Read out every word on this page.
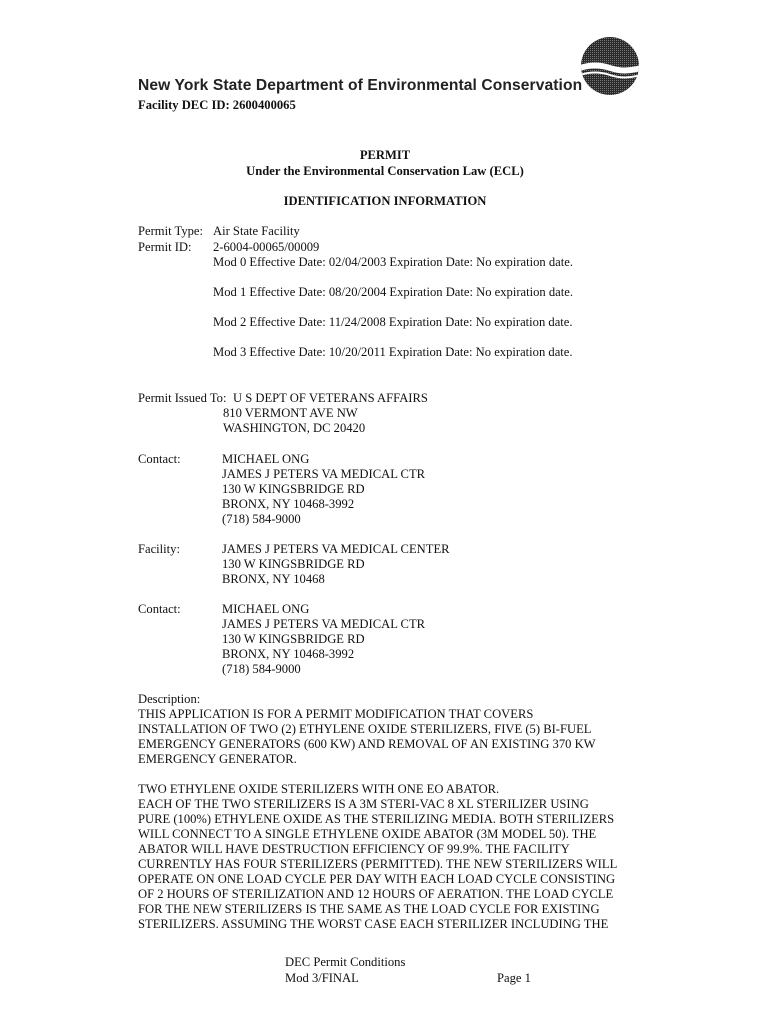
New York State Department of Environmental Conservation
Facility DEC ID: 2600400065
PERMIT
Under the Environmental Conservation Law (ECL)
IDENTIFICATION INFORMATION
Permit Type: Air State Facility
Permit ID: 2-6004-00065/00009
Mod 0 Effective Date: 02/04/2003 Expiration Date: No expiration date.
Mod 1 Effective Date: 08/20/2004 Expiration Date: No expiration date.
Mod 2 Effective Date: 11/24/2008 Expiration Date: No expiration date.
Mod 3 Effective Date: 10/20/2011 Expiration Date: No expiration date.
Permit Issued To: U S DEPT OF VETERANS AFFAIRS
810 VERMONT AVE NW
WASHINGTON, DC 20420
Contact:	MICHAEL ONG
JAMES J PETERS VA MEDICAL CTR
130 W KINGSBRIDGE RD
BRONX, NY 10468-3992
(718) 584-9000
Facility:	JAMES J PETERS VA MEDICAL CENTER
130 W KINGSBRIDGE RD
BRONX, NY 10468
Contact:	MICHAEL ONG
JAMES J PETERS VA MEDICAL CTR
130 W KINGSBRIDGE RD
BRONX, NY 10468-3992
(718) 584-9000
Description:

THIS APPLICATION IS FOR A PERMIT MODIFICATION THAT COVERS

INSTALLATION OF TWO (2) ETHYLENE OXIDE STERILIZERS, FIVE (5) BI-FUEL

EMERGENCY GENERATORS (600 KW) AND REMOVAL OF AN EXISTING 370 KW

EMERGENCY GENERATOR.

TWO ETHYLENE OXIDE STERILIZERS WITH ONE EO ABATOR.

EACH OF THE TWO STERILIZERS IS A 3M STERI-VAC 8 XL STERILIZER USING

PURE (100%) ETHYLENE OXIDE AS THE STERILIZING MEDIA. BOTH STERILIZERS

WILL CONNECT TO A SINGLE ETHYLENE OXIDE ABATOR (3M MODEL 50). THE

ABATOR WILL HAVE DESTRUCTION EFFICIENCY OF 99.9%. THE FACILITY

CURRENTLY HAS FOUR STERILIZERS (PERMITTED). THE NEW STERILIZERS WILL

OPERATE ON ONE LOAD CYCLE PER DAY WITH EACH LOAD CYCLE CONSISTING

OF 2 HOURS OF STERILIZATION AND 12 HOURS OF AERATION. THE LOAD CYCLE

FOR THE NEW STERILIZERS IS THE SAME AS THE LOAD CYCLE FOR EXISTING

STERILIZERS. ASSUMING THE WORST CASE EACH STERILIZER INCLUDING THE

DEC Permit Conditions
Mod 3/FINAL	Page 1
